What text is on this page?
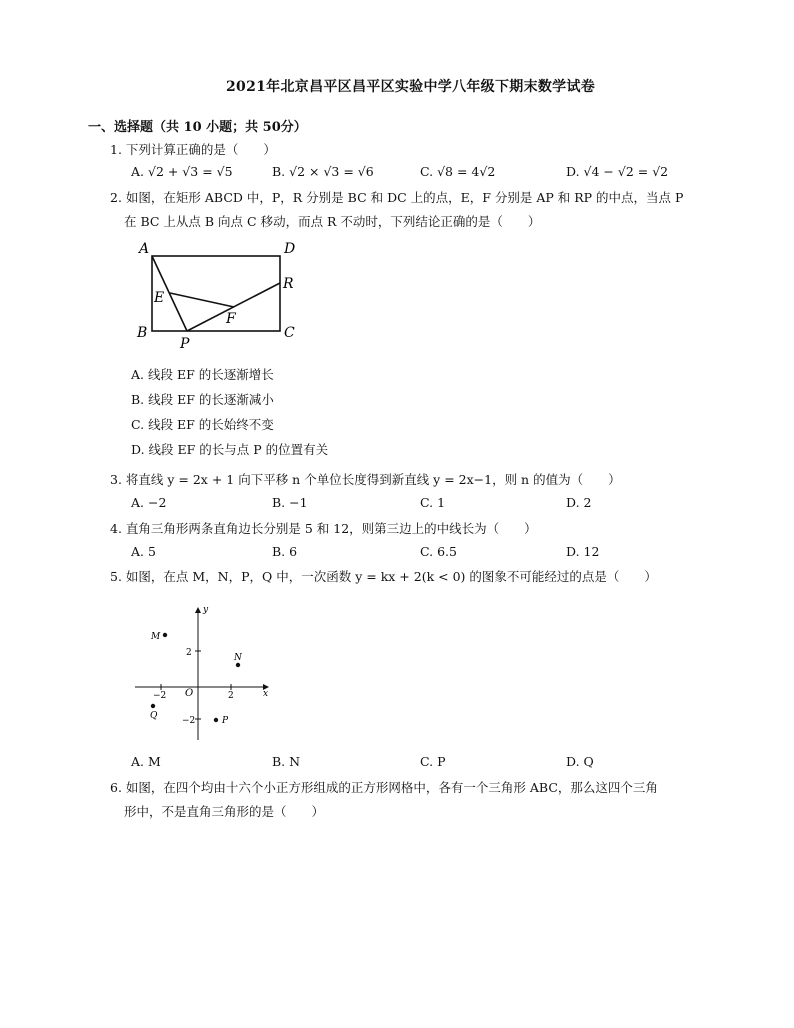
2021年北京昌平区昌平区实验中学八年级下期末数学试卷
一、选择题（共 10 小题；共 50分）
1. 下列计算正确的是（　　）
A. √2 + √3 = √5	B. √2 × √3 = √6	C. √8 = 4√2	D. √4 − √2 = √2
2. 如图，在矩形 ABCD 中，P，R 分别是 BC 和 DC 上的点，E，F 分别是 AP 和 RP 的中点，当点 P
在 BC 上从点 B 向点 C 移动，而点 R 不动时，下列结论正确的是（　　）
A	D
R
E
F
B
P
C
A. 线段 EF 的长逐渐增长
B. 线段 EF 的长逐渐减小
C. 线段 EF 的长始终不变
D. 线段 EF 的长与点 P 的位置有关
3. 将直线 y = 2x + 1 向下平移 n 个单位长度得到新直线 y = 2x−1，则 n 的值为（　　）
A. −2	B. −1	C. 1	D. 2
4. 直角三角形两条直角边长分别是 5 和 12，则第三边上的中线长为（　　）
A. 5	B. 6	C. 6.5	D. 12
5. 如图，在点 M，N，P，Q 中，一次函数 y = kx + 2(k < 0) 的图象不可能经过的点是（　　）
y
x
O
2
−2
−2	2
M
N
P
Q
A. M	B. N	C. P	D. Q
6. 如图，在四个均由十六个小正方形组成的正方形网格中，各有一个三角形 ABC，那么这四个三角
形中，不是直角三角形的是（　　）
